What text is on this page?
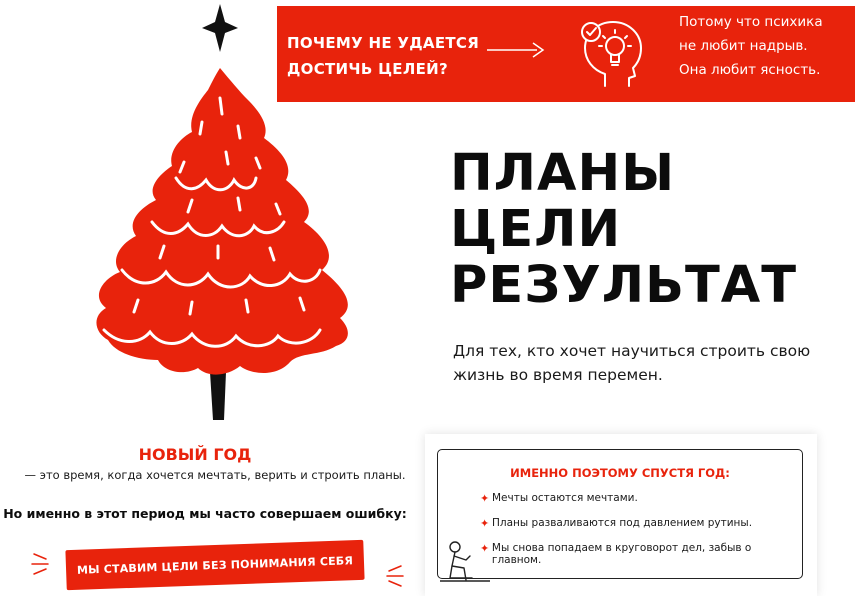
ПОЧЕМУ НЕ УДАЕТСЯ
ДОСТИЧЬ ЦЕЛЕЙ?
Потому что психика
не любит надрыв.
Она любит ясность.
ПЛАНЫ
ЦЕЛИ
РЕЗУЛЬТАТ
Для тех, кто хочет научиться строить свою
жизнь во время перемен.
НОВЫЙ ГОД
— это время, когда хочется мечтать, верить и строить планы.
Но именно в этот период мы часто совершаем ошибку:
МЫ СТАВИМ ЦЕЛИ БЕЗ ПОНИМАНИЯ СЕБЯ
ИМЕННО ПОЭТОМУ СПУСТЯ ГОД:
✦ Мечты остаются мечтами.
✦ Планы разваливаются под давлением рутины.
✦ Мы снова попадаем в круговорот дел, забыв о главном.
